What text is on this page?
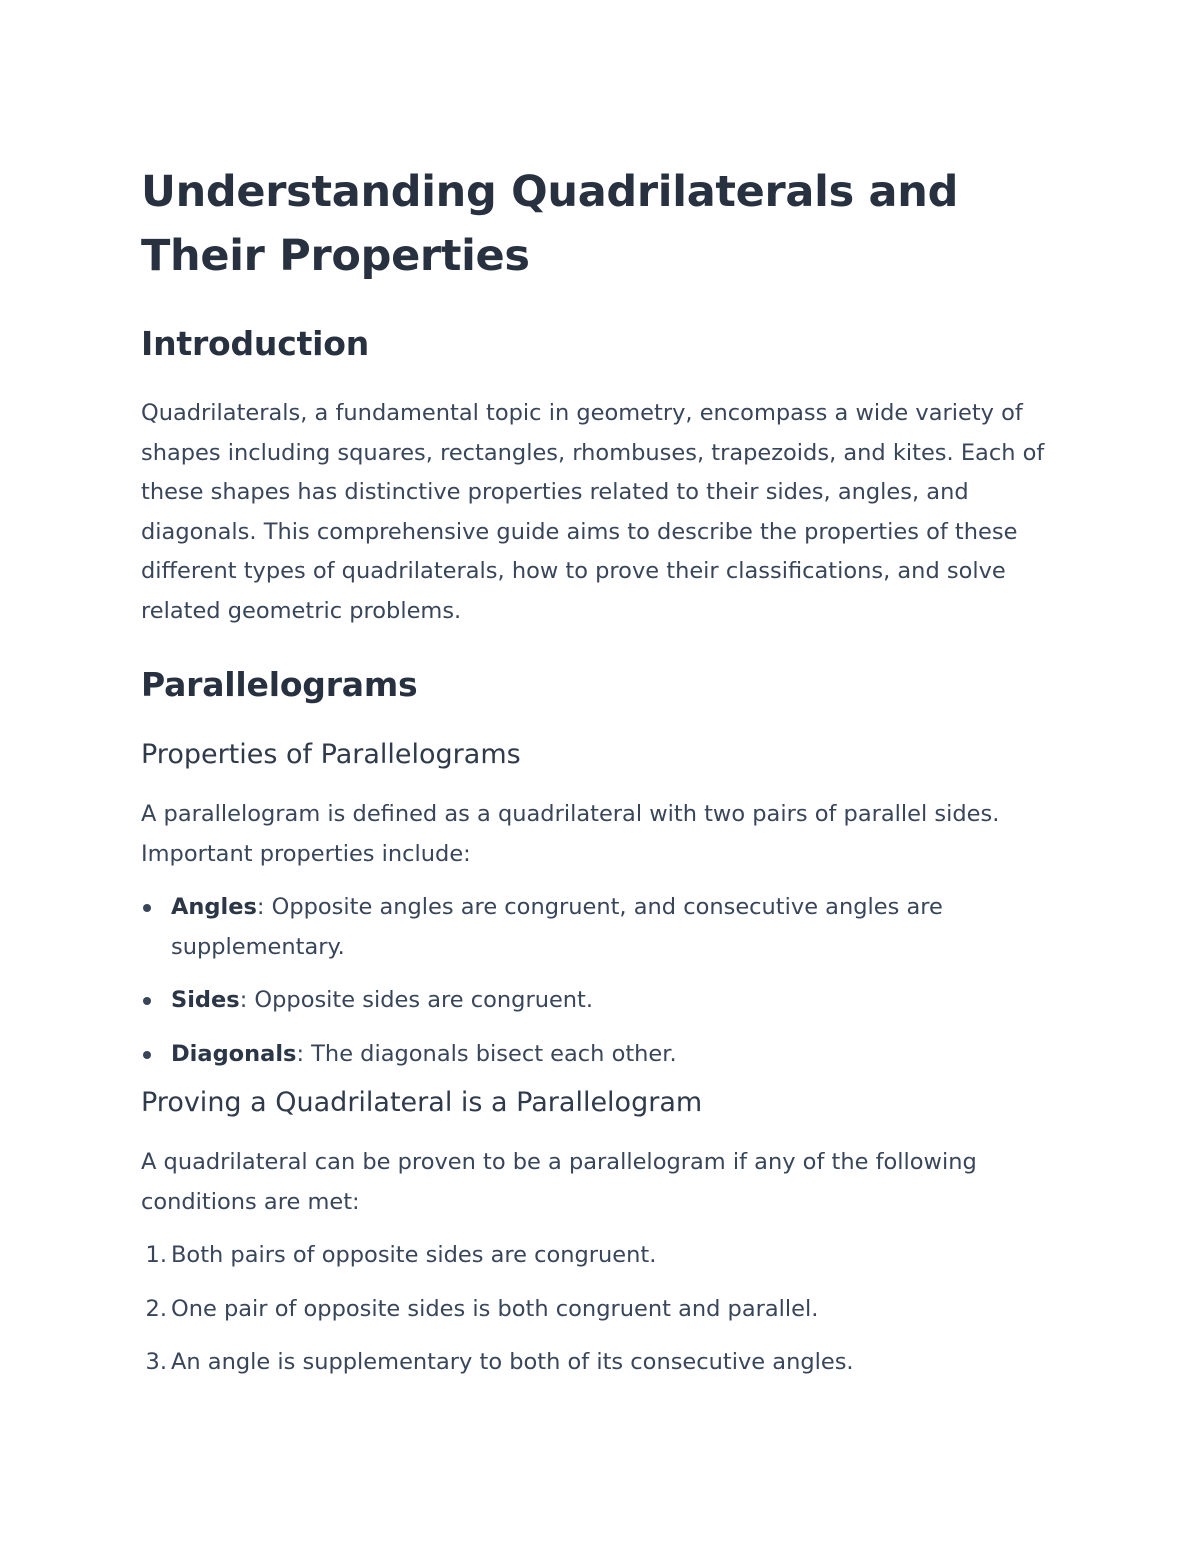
Understanding Quadrilaterals and Their Properties
Introduction

Quadrilaterals, a fundamental topic in geometry, encompass a wide variety of shapes including squares, rectangles, rhombuses, trapezoids, and kites. Each of these shapes has distinctive properties related to their sides, angles, and diagonals. This comprehensive guide aims to describe the properties of these different types of quadrilaterals, how to prove their classifications, and solve related geometric problems.

Parallelograms
Properties of Parallelograms

A parallelogram is defined as a quadrilateral with two pairs of parallel sides. Important properties include:

Angles: Opposite angles are congruent, and consecutive angles are supplementary.
Sides: Opposite sides are congruent.
Diagonals: The diagonals bisect each other.
Proving a Quadrilateral is a Parallelogram

A quadrilateral can be proven to be a parallelogram if any of the following conditions are met:

1. Both pairs of opposite sides are congruent.
2. One pair of opposite sides is both congruent and parallel.
3. An angle is supplementary to both of its consecutive angles.
